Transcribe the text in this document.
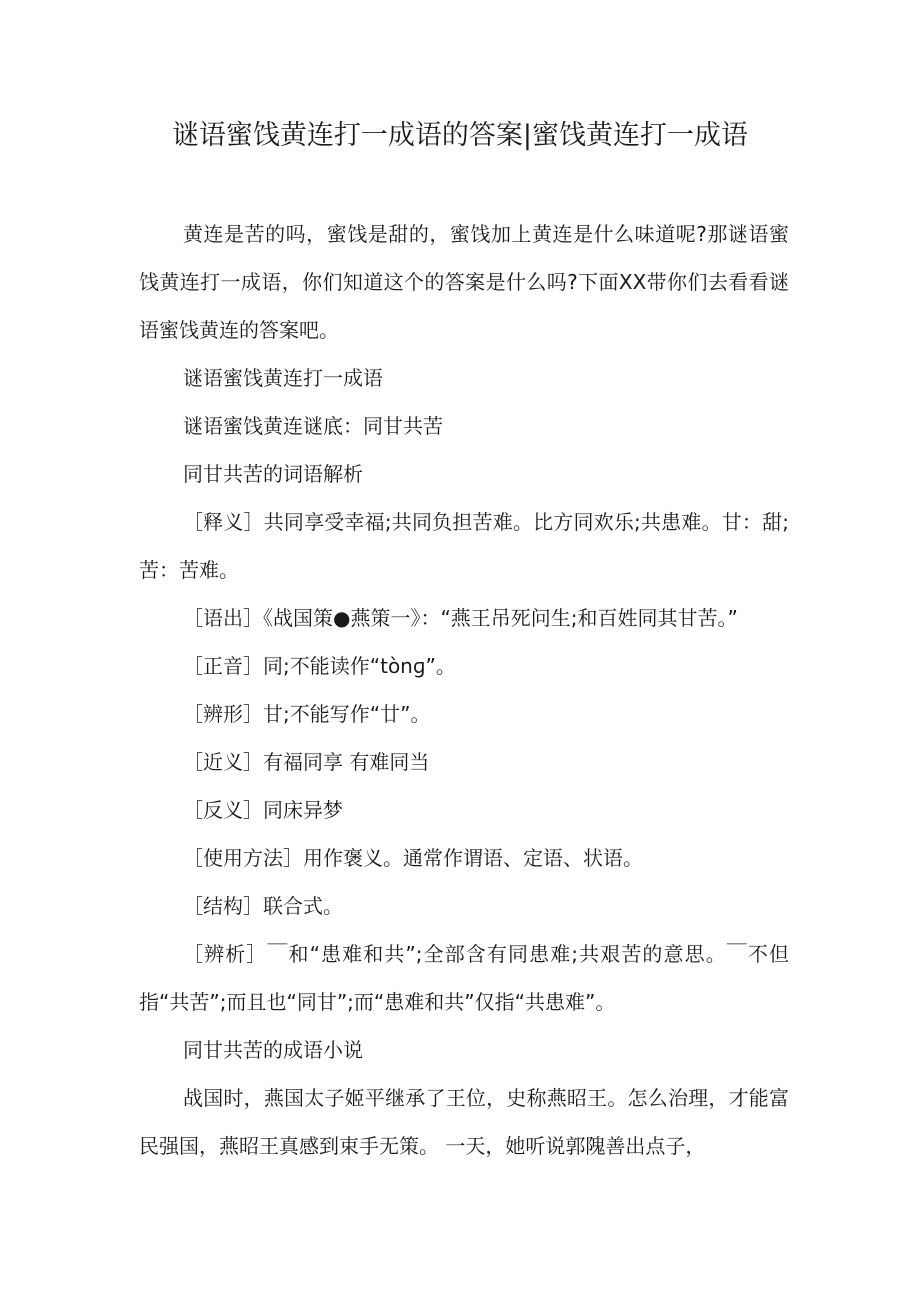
谜语蜜饯黄连打一成语的答案|蜜饯黄连打一成语

黄连是苦的吗，蜜饯是甜的，蜜饯加上黄连是什么味道呢?那谜语蜜饯黄连打一成语，你们知道这个的答案是什么吗?下面XX带你们去看看谜语蜜饯黄连的答案吧。

谜语蜜饯黄连打一成语

谜语蜜饯黄连谜底：同甘共苦

同甘共苦的词语解析

［释义］共同享受幸福;共同负担苦难。比方同欢乐;共患难。甘：甜;苦：苦难。

［语出］《战国策●燕策一》：“燕王吊死问生;和百姓同其甘苦。”

［正音］同;不能读作“tònɡ”。

［辨形］甘;不能写作“廿”。

［近义］有福同享 有难同当

［反义］同床异梦

［使用方法］用作褒义。通常作谓语、定语、状语。

［结构］联合式。

［辨析］￣和“患难和共”;全部含有同患难;共艰苦的意思。￣不但指“共苦”;而且也“同甘”;而“患难和共”仅指“共患难”。

同甘共苦的成语小说

战国时，燕国太子姬平继承了王位，史称燕昭王。怎么治理，才能富民强国，燕昭王真感到束手无策。 一天，她听说郭隗善出点子，
